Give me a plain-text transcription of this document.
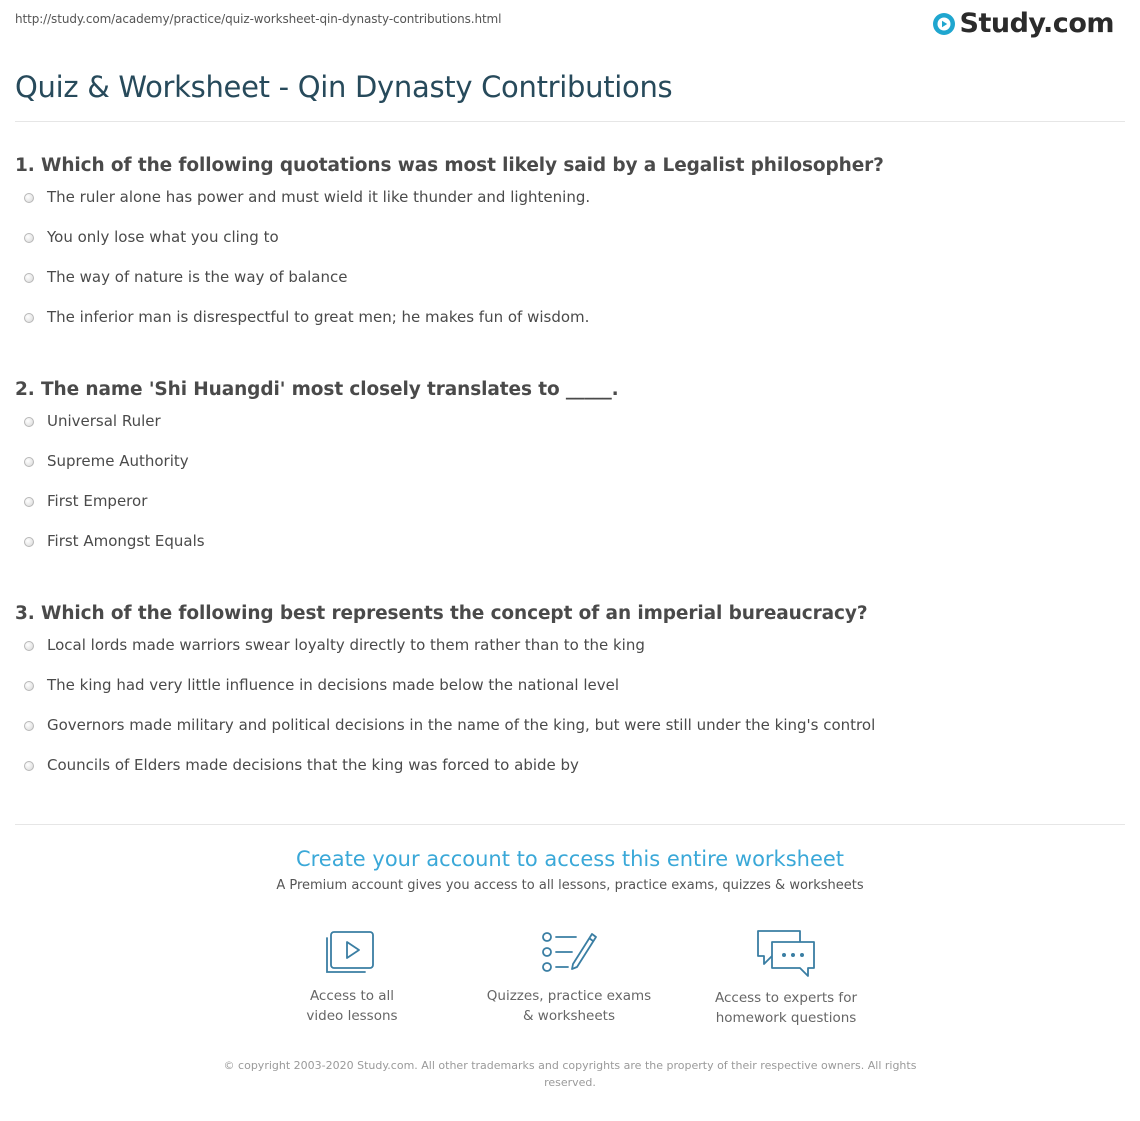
http://study.com/academy/practice/quiz-worksheet-qin-dynasty-contributions.html	Study.com
Quiz & Worksheet - Qin Dynasty Contributions

1. Which of the following quotations was most likely said by a Legalist philosopher?

The ruler alone has power and must wield it like thunder and lightening.
You only lose what you cling to
The way of nature is the way of balance
The inferior man is disrespectful to great men; he makes fun of wisdom.

2. The name 'Shi Huangdi' most closely translates to _____.

Universal Ruler
Supreme Authority
First Emperor
First Amongst Equals

3. Which of the following best represents the concept of an imperial bureaucracy?

Local lords made warriors swear loyalty directly to them rather than to the king
The king had very little influence in decisions made below the national level
Governors made military and political decisions in the name of the king, but were still under the king's control
Councils of Elders made decisions that the king was forced to abide by
Create your account to access this entire worksheet
A Premium account gives you access to all lessons, practice exams, quizzes & worksheets
Access to all
video lessons
Quizzes, practice exams
& worksheets
Access to experts for
homework questions
© copyright 2003-2020 Study.com. All other trademarks and copyrights are the property of their respective owners. All rights reserved.
